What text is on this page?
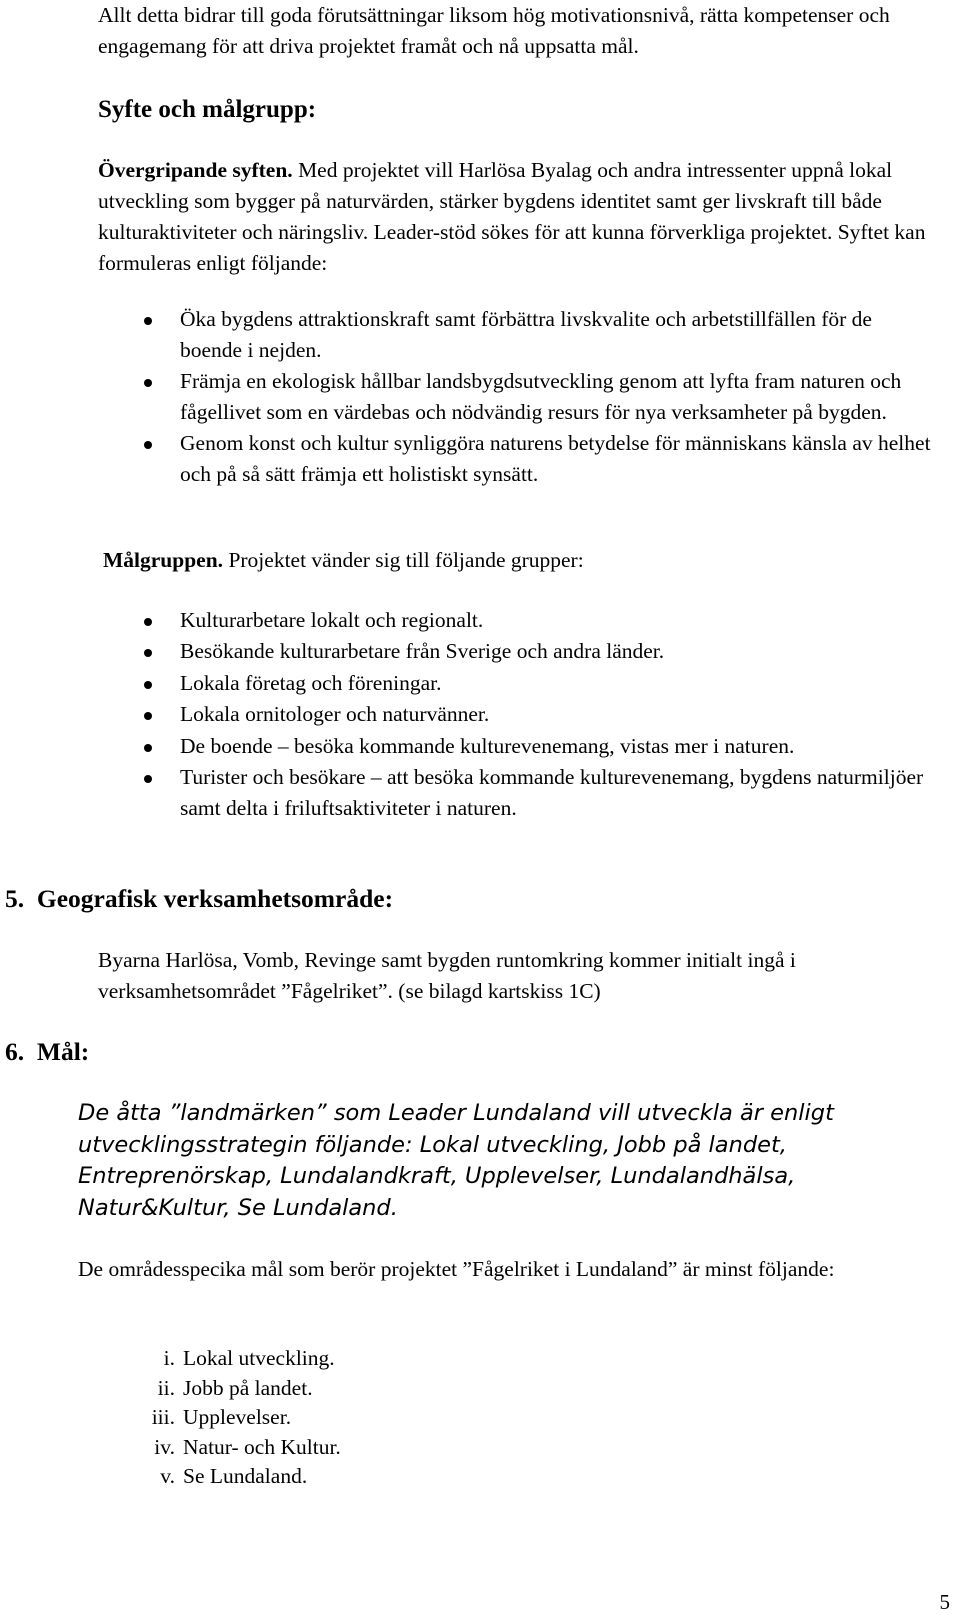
Allt detta bidrar till goda förutsättningar liksom hög motivationsnivå, rätta kompetenser och engagemang för att driva projektet framåt och nå uppsatta mål.

Syfte och målgrupp:

Övergripande syften. Med projektet vill Harlösa Byalag och andra intressenter uppnå lokal utveckling som bygger på naturvärden, stärker bygdens identitet samt ger livskraft till både kulturaktiviteter och näringsliv. Leader-stöd sökes för att kunna förverkliga projektet. Syftet kan formuleras enligt följande:

Öka bygdens attraktionskraft samt förbättra livskvalite och arbetstillfällen för de boende i nejden.
Främja en ekologisk hållbar landsbygdsutveckling genom att lyfta fram naturen och fågellivet som en värdebas och nödvändig resurs för nya verksamheter på bygden.
Genom konst och kultur synliggöra naturens betydelse för människans känsla av helhet och på så sätt främja ett holistiskt synsätt.

Målgruppen. Projektet vänder sig till följande grupper:

Kulturarbetare lokalt och regionalt.
Besökande kulturarbetare från Sverige och andra länder.
Lokala företag och föreningar.
Lokala ornitologer och naturvänner.
De boende – besöka kommande kulturevenemang, vistas mer i naturen.
Turister och besökare – att besöka kommande kulturevenemang, bygdens naturmiljöer samt delta i friluftsaktiviteter i naturen.
5.  Geografisk verksamhetsområde:

Byarna Harlösa, Vomb, Revinge samt bygden runtomkring kommer initialt ingå i verksamhetsområdet ”Fågelriket”. (se bilagd kartskiss 1C)

6.  Mål:

De åtta ”landmärken” som Leader Lundaland vill utveckla är enligt utvecklingsstrategin följande: Lokal utveckling, Jobb på landet, Entreprenörskap, Lundalandkraft, Upplevelser, Lundalandhälsa, Natur&Kultur, Se Lundaland.

De områdesspecika mål som berör projektet ”Fågelriket i Lundaland” är minst följande:

i. Lokal utveckling.
ii. Jobb på landet.
iii. Upplevelser.
iv. Natur- och Kultur.
v. Se Lundaland.
5
